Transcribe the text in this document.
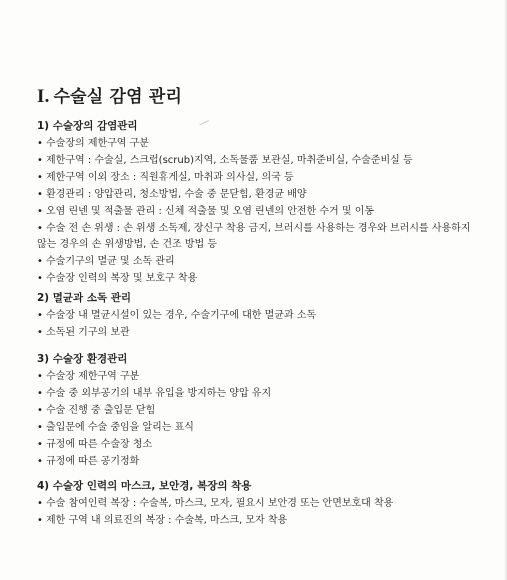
I. 수술실 감염 관리
1) 수술장의 감염관리
• 수술장의 제한구역 구분
• 제한구역 : 수술실, 스크럽(scrub)지역, 소독물품 보관실, 마취준비실, 수술준비실 등
• 제한구역 이외 장소 : 직원휴게실, 마취과 의사실, 의국 등
• 환경관리 : 양압관리, 청소방법, 수술 중 문닫힘, 환경균 배양
• 오염 린넨 및 적출물 관리 : 신체 적출물 및 오염 린넨의 안전한 수거 및 이동
• 수술 전 손 위생 : 손 위생 소독제, 장신구 착용 금지, 브러시를 사용하는 경우와 브러시를 사용하지 않는 경우의 손 위생방법, 손 건조 방법 등
• 수술기구의 멸균 및 소독 관리
• 수술장 인력의 복장 및 보호구 착용
2) 멸균과 소독 관리
• 수술장 내 멸균시설이 있는 경우, 수술기구에 대한 멸균과 소독
• 소독된 기구의 보관
3) 수술장 환경관리
• 수술장 제한구역 구분
• 수술 중 외부공기의 내부 유입을 방지하는 양압 유지
• 수술 진행 중 출입문 닫힘
• 출입문에 수술 중임을 알리는 표식
• 규정에 따른 수술장 청소
• 규정에 따른 공기정화
4) 수술장 인력의 마스크, 보안경, 복장의 착용
• 수술 참여인력 복장 : 수술복, 마스크, 모자, 필요시 보안경 또는 안면보호대 착용
• 제한 구역 내 의료진의 복장 : 수술복, 마스크, 모자 착용
